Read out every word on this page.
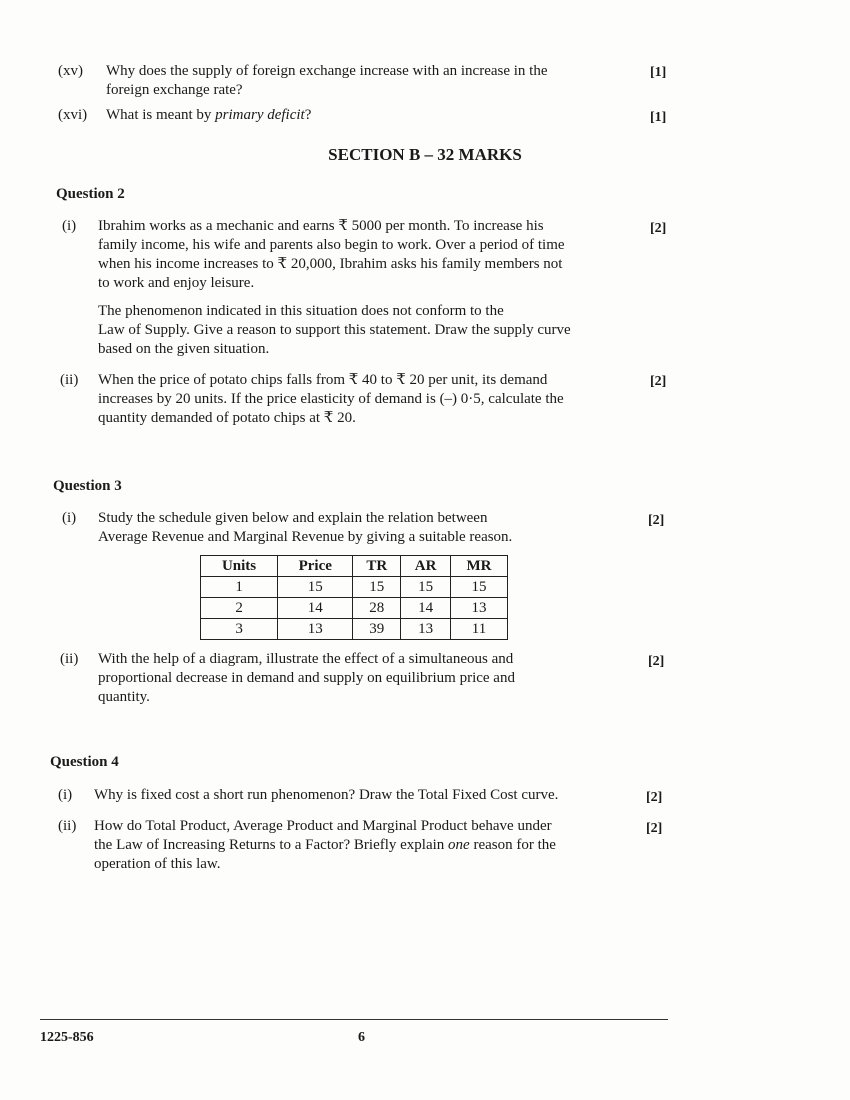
(xv) Why does the supply of foreign exchange increase with an increase in the
foreign exchange rate?
[1]
(xvi) What is meant by primary deficit?	[1]
SECTION B – 32 MARKS
Question 2
(i) Ibrahim works as a mechanic and earns ₹ 5000 per month. To increase his
family income, his wife and parents also begin to work. Over a period of time
when his income increases to ₹ 20,000, Ibrahim asks his family members not
to work and enjoy leisure.
[2]
The phenomenon indicated in this situation does not conform to the
Law of Supply. Give a reason to support this statement. Draw the supply curve
based on the given situation.
(ii) When the price of potato chips falls from ₹ 40 to ₹ 20 per unit, its demand
increases by 20 units. If the price elasticity of demand is (–) 0·5, calculate the
quantity demanded of potato chips at ₹ 20.
[2]
Question 3
(i) Study the schedule given below and explain the relation between
Average Revenue and Marginal Revenue by giving a suitable reason.
[2]
Units	Price	TR	AR	MR
1	15	15	15	15
2	14	28	14	13
3	13	39	13	11
(ii) With the help of a diagram, illustrate the effect of a simultaneous and
proportional decrease in demand and supply on equilibrium price and
quantity.
[2]
Question 4
(i) Why is fixed cost a short run phenomenon? Draw the Total Fixed Cost curve.	[2]
(ii) How do Total Product, Average Product and Marginal Product behave under
the Law of Increasing Returns to a Factor? Briefly explain one reason for the
operation of this law.
[2]
1225-856	6
